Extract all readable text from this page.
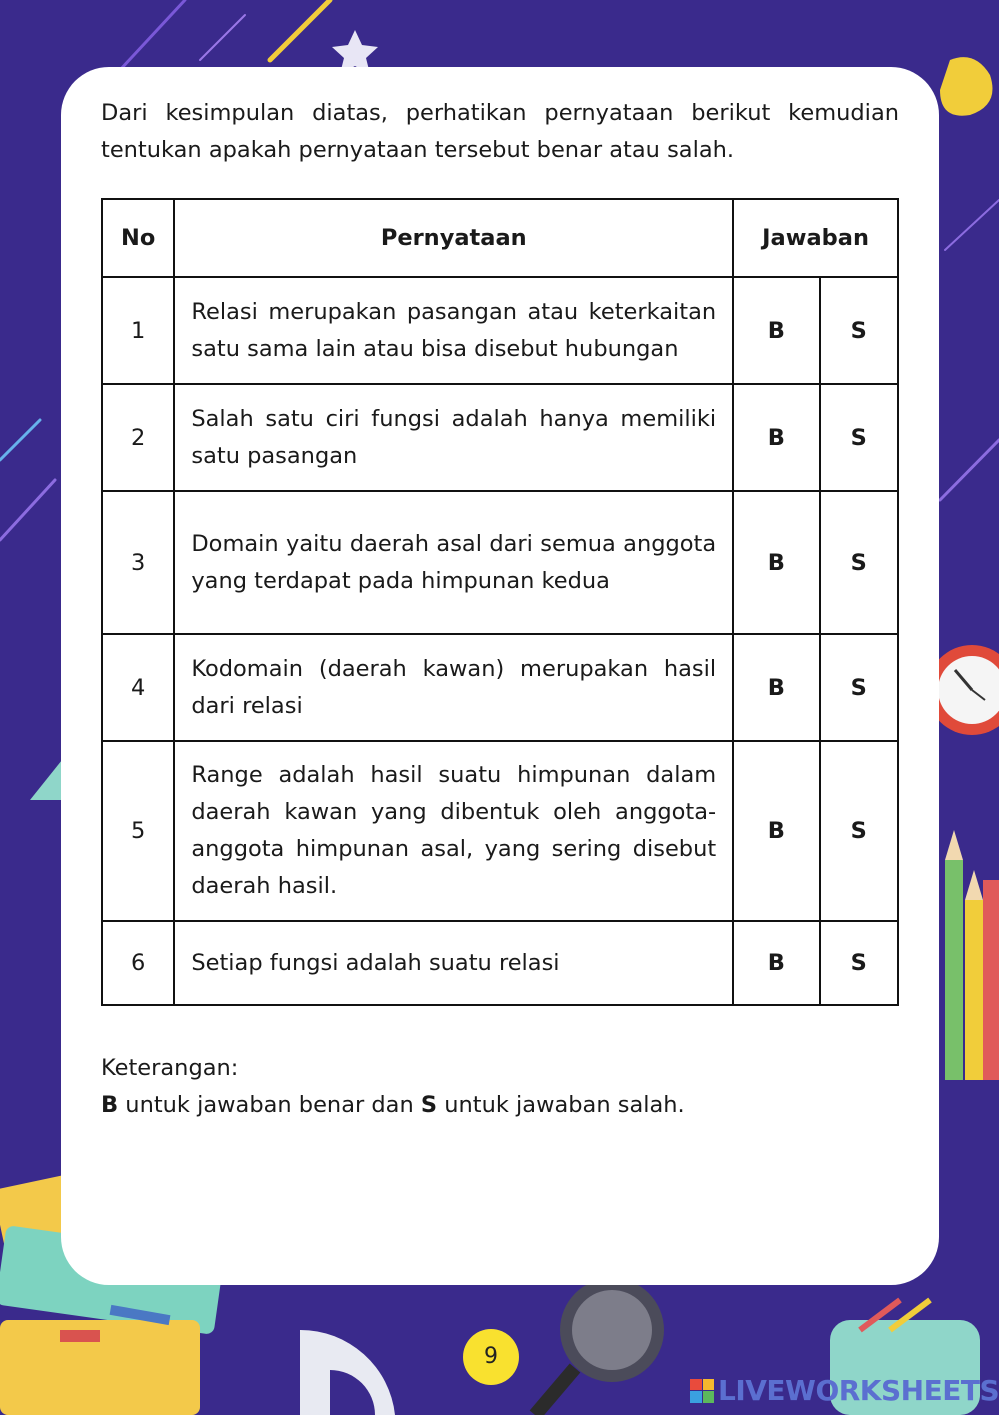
Dari kesimpulan diatas, perhatikan pernyataan berikut kemudian tentukan apakah pernyataan tersebut benar atau salah.

No	Pernyataan	Jawaban	
1	Relasi merupakan pasangan atau keterkaitan satu sama lain atau bisa disebut hubungan	B	S
2	Salah satu ciri fungsi adalah hanya memiliki satu pasangan	B	S
3	Domain yaitu daerah asal dari semua anggota yang terdapat pada himpunan kedua	B	S
4	Kodomain (daerah kawan) merupakan hasil dari relasi	B	S
5	Range adalah hasil suatu himpunan dalam daerah kawan yang dibentuk oleh anggota-anggota himpunan asal, yang sering disebut daerah hasil.	B	S
6	Setiap fungsi adalah suatu relasi	B	S
Keterangan:
B untuk jawaban benar dan S untuk jawaban salah.
9
LIVEWORKSHEETS
